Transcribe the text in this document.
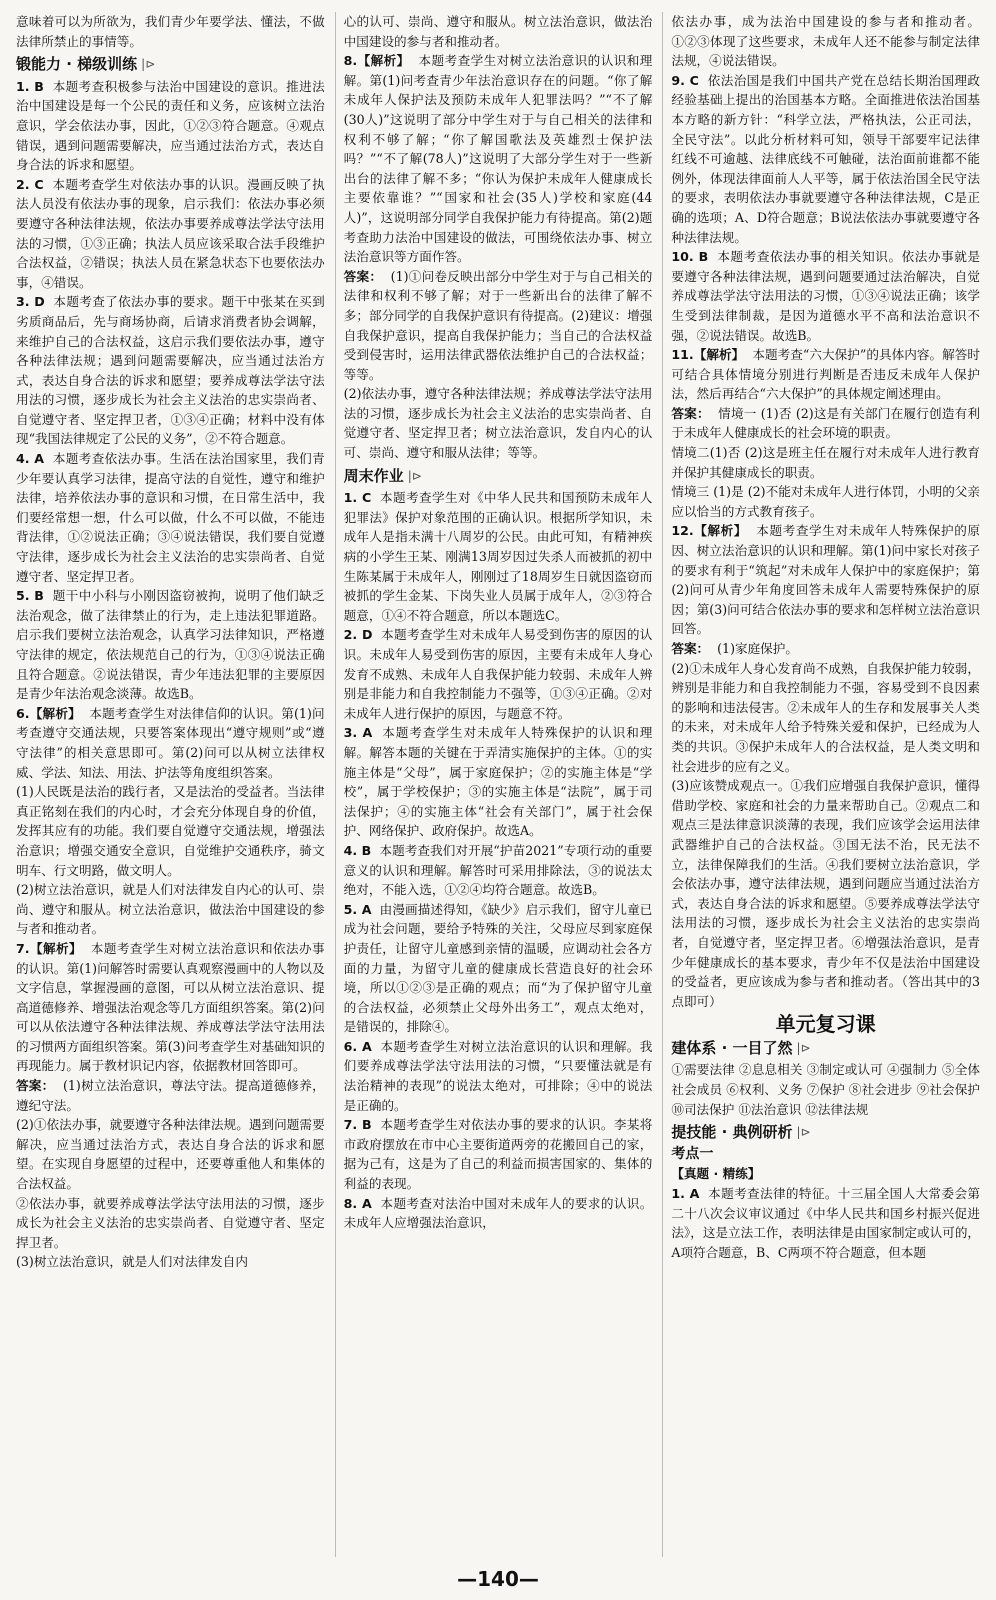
意味着可以为所欲为，我们青少年要学法、懂法，不做法律所禁止的事情等。

锻能力 · 梯级训练 |⊳

1. B 本题考查积极参与法治中国建设的意识。推进法治中国建设是每一个公民的责任和义务，应该树立法治意识，学会依法办事，因此，①②③符合题意。④观点错误，遇到问题需要解决，应当通过法治方式，表达自身合法的诉求和愿望。

2. C 本题考查学生对依法办事的认识。漫画反映了执法人员没有依法办事的现象，启示我们：依法办事必须要遵守各种法律法规，依法办事要养成尊法学法守法用法的习惯，①③正确；执法人员应该采取合法手段维护合法权益，②错误；执法人员在紧急状态下也要依法办事，④错误。

3. D 本题考查了依法办事的要求。题干中张某在买到劣质商品后，先与商场协商，后请求消费者协会调解，来维护自己的合法权益，这启示我们要依法办事，遵守各种法律法规；遇到问题需要解决，应当通过法治方式，表达自身合法的诉求和愿望；要养成尊法学法守法用法的习惯，逐步成长为社会主义法治的忠实崇尚者、自觉遵守者、坚定捍卫者，①③④正确；材料中没有体现“我国法律规定了公民的义务”，②不符合题意。

4. A 本题考查依法办事。生活在法治国家里，我们青少年要认真学习法律，提高守法的自觉性，遵守和维护法律，培养依法办事的意识和习惯，在日常生活中，我们要经常想一想，什么可以做，什么不可以做，不能违背法律，①②说法正确；③④说法错误，我们要自觉遵守法律，逐步成长为社会主义法治的忠实崇尚者、自觉遵守者、坚定捍卫者。

5. B 题干中小科与小刚因盗窃被拘，说明了他们缺乏法治观念，做了法律禁止的行为，走上违法犯罪道路。启示我们要树立法治观念，认真学习法律知识，严格遵守法律的规定，依法规范自己的行为，①③④说法正确且符合题意。②说法错误，青少年违法犯罪的主要原因是青少年法治观念淡薄。故选B。

6.【解析】 本题考查学生对法律信仰的认识。第(1)问考查遵守交通法规，只要答案体现出“遵守规则”或“遵守法律”的相关意思即可。第(2)问可以从树立法律权威、学法、知法、用法、护法等角度组织答案。

(1)人民既是法治的践行者，又是法治的受益者。当法律真正铭刻在我们的内心时，才会充分体现自身的价值，发挥其应有的功能。我们要自觉遵守交通法规，增强法治意识；增强交通安全意识，自觉维护交通秩序，骑文明车、行文明路，做文明人。

(2)树立法治意识，就是人们对法律发自内心的认可、崇尚、遵守和服从。树立法治意识，做法治中国建设的参与者和推动者。

7.【解析】 本题考查学生对树立法治意识和依法办事的认识。第(1)问解答时需要认真观察漫画中的人物以及文字信息，掌握漫画的意图，可以从树立法治意识、提高道德修养、增强法治观念等几方面组织答案。第(2)问可以从依法遵守各种法律法规、养成尊法学法守法用法的习惯两方面组织答案。第(3)问考查学生对基础知识的再现能力。属于教材识记内容，依据教材回答即可。

答案： (1)树立法治意识，尊法守法。提高道德修养，遵纪守法。

(2)①依法办事，就要遵守各种法律法规。遇到问题需要解决，应当通过法治方式，表达自身合法的诉求和愿望。在实现自身愿望的过程中，还要尊重他人和集体的合法权益。

②依法办事，就要养成尊法学法守法用法的习惯，逐步成长为社会主义法治的忠实崇尚者、自觉遵守者、坚定捍卫者。

(3)树立法治意识，就是人们对法律发自内

心的认可、崇尚、遵守和服从。树立法治意识，做法治中国建设的参与者和推动者。

8.【解析】 本题考查学生对树立法治意识的认识和理解。第(1)问考查青少年法治意识存在的问题。“你了解未成年人保护法及预防未成年人犯罪法吗？”“不了解(30人)”这说明了部分中学生对于与自己相关的法律和权利不够了解；“你了解国歌法及英雄烈士保护法吗？”“不了解(78人)”这说明了大部分学生对于一些新出台的法律了解不多；“你认为保护未成年人健康成长主要依靠谁？”“国家和社会(35人)学校和家庭(44人)”，这说明部分同学自我保护能力有待提高。第(2)题考查助力法治中国建设的做法，可围绕依法办事、树立法治意识等方面作答。

答案： (1)①问卷反映出部分中学生对于与自己相关的法律和权利不够了解；对于一些新出台的法律了解不多；部分同学的自我保护意识有待提高。(2)建议：增强自我保护意识，提高自我保护能力；当自己的合法权益受到侵害时，运用法律武器依法维护自己的合法权益；等等。

(2)依法办事，遵守各种法律法规；养成尊法学法守法用法的习惯，逐步成长为社会主义法治的忠实崇尚者、自觉遵守者、坚定捍卫者；树立法治意识，发自内心的认可、崇尚、遵守和服从法律；等等。

周末作业 |⊳

1. C 本题考查学生对《中华人民共和国预防未成年人犯罪法》保护对象范围的正确认识。根据所学知识，未成年人是指未满十八周岁的公民。由此可知，有精神疾病的小学生王某、刚满13周岁因过失杀人而被抓的初中生陈某属于未成年人，刚刚过了18周岁生日就因盗窃而被抓的学生金某、下岗失业人员属于成年人，②③符合题意，①④不符合题意，所以本题选C。

2. D 本题考查学生对未成年人易受到伤害的原因的认识。未成年人易受到伤害的原因，主要有未成年人身心发育不成熟、未成年人自我保护能力较弱、未成年人辨别是非能力和自我控制能力不强等，①③④正确。②对未成年人进行保护的原因，与题意不符。

3. A 本题考查学生对未成年人特殊保护的认识和理解。解答本题的关键在于弄清实施保护的主体。①的实施主体是“父母”，属于家庭保护；②的实施主体是“学校”，属于学校保护；③的实施主体是“法院”，属于司法保护；④的实施主体“社会有关部门”，属于社会保护、网络保护、政府保护。故选A。

4. B 本题考查我们对开展“护苗2021”专项行动的重要意义的认识和理解。解答时可采用排除法，③的说法太绝对，不能入选，①②④均符合题意。故选B。

5. A 由漫画描述得知，《缺少》启示我们，留守儿童已成为社会问题，要给予特殊的关注，父母应尽到家庭保护责任，让留守儿童感到亲情的温暖，应调动社会各方面的力量，为留守儿童的健康成长营造良好的社会环境，所以①②③是正确的观点；而“为了保护留守儿童的合法权益，必须禁止父母外出务工”，观点太绝对，是错误的，排除④。

6. A 本题考查学生对树立法治意识的认识和理解。我们要养成尊法学法守法用法的习惯，“只要懂法就是有法治精神的表现”的说法太绝对，可排除；④中的说法是正确的。

7. B 本题考查学生对依法办事的要求的认识。李某将市政府摆放在市中心主要街道两旁的花搬回自己的家，据为己有，这是为了自己的利益而损害国家的、集体的利益的表现。

8. A 本题考查对法治中国对未成年人的要求的认识。未成年人应增强法治意识，

依法办事，成为法治中国建设的参与者和推动者。①②③体现了这些要求，未成年人还不能参与制定法律法规，④说法错误。

9. C 依法治国是我们中国共产党在总结长期治国理政经验基础上提出的治国基本方略。全面推进依法治国基本方略的新方针：“科学立法，严格执法，公正司法，全民守法”。以此分析材料可知，领导干部要牢记法律红线不可逾越、法律底线不可触碰，法治面前谁都不能例外，体现法律面前人人平等，属于依法治国全民守法的要求，表明依法办事就要遵守各种法律法规，C是正确的选项；A、D符合题意；B说法依法办事就要遵守各种法律法规。

10. B 本题考查依法办事的相关知识。依法办事就是要遵守各种法律法规，遇到问题要通过法治解决，自觉养成尊法学法守法用法的习惯，①③④说法正确；该学生受到法律制裁，是因为道德水平不高和法治意识不强，②说法错误。故选B。

11.【解析】 本题考查“六大保护”的具体内容。解答时可结合具体情境分别进行判断是否违反未成年人保护法，然后再结合“六大保护”的具体规定阐述理由。

答案： 情境一 (1)否 (2)这是有关部门在履行创造有利于未成年人健康成长的社会环境的职责。

情境二(1)否 (2)这是班主任在履行对未成年人进行教育并保护其健康成长的职责。

情境三 (1)是 (2)不能对未成年人进行体罚，小明的父亲应以恰当的方式教育孩子。

12.【解析】 本题考查学生对未成年人特殊保护的原因、树立法治意识的认识和理解。第(1)问中家长对孩子的要求有利于“筑起”对未成年人保护中的家庭保护；第(2)问可从青少年角度回答未成年人需要特殊保护的原因；第(3)问可结合依法办事的要求和怎样树立法治意识回答。

答案： (1)家庭保护。

(2)①未成年人身心发育尚不成熟，自我保护能力较弱，辨别是非能力和自我控制能力不强，容易受到不良因素的影响和违法侵害。②未成年人的生存和发展事关人类的未来，对未成年人给予特殊关爱和保护，已经成为人类的共识。③保护未成年人的合法权益，是人类文明和社会进步的应有之义。

(3)应该赞成观点一。①我们应增强自我保护意识，懂得借助学校、家庭和社会的力量来帮助自己。②观点二和观点三是法律意识淡薄的表现，我们应该学会运用法律武器维护自己的合法权益。③国无法不治，民无法不立，法律保障我们的生活。④我们要树立法治意识，学会依法办事，遵守法律法规，遇到问题应当通过法治方式，表达自身合法的诉求和愿望。⑤要养成尊法学法守法用法的习惯，逐步成长为社会主义法治的忠实崇尚者，自觉遵守者，坚定捍卫者。⑥增强法治意识，是青少年健康成长的基本要求，青少年不仅是法治中国建设的受益者，更应该成为参与者和推动者。（答出其中的3点即可）

单元复习课
建体系 · 一目了然 |⊳

①需要法律 ②息息相关 ③制定或认可 ④强制力 ⑤全体社会成员 ⑥权利、义务 ⑦保护 ⑧社会进步 ⑨社会保护 ⑩司法保护 ⑪法治意识 ⑫法律法规

提技能 · 典例研析 |⊳
考点一
【真题 · 精练】

1. A 本题考查法律的特征。十三届全国人大常委会第二十八次会议审议通过《中华人民共和国乡村振兴促进法》，这是立法工作，表明法律是由国家制定或认可的，A项符合题意，B、C两项不符合题意，但本题

—140—
